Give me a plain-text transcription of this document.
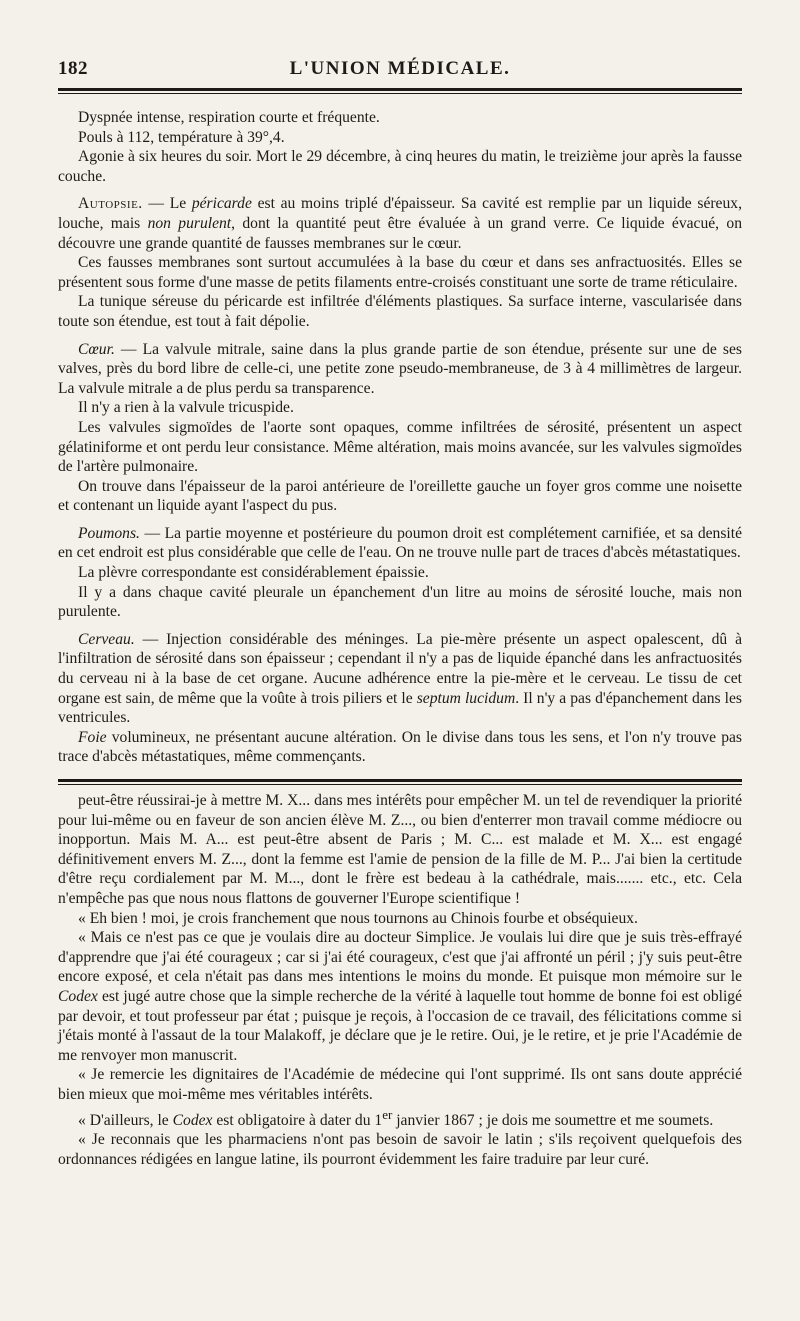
182	L'UNION MÉDICALE.

Dyspnée intense, respiration courte et fréquente.

Pouls à 112, température à 39°,4.

Agonie à six heures du soir. Mort le 29 décembre, à cinq heures du matin, le treizième jour après la fausse couche.

Autopsie. — Le péricarde est au moins triplé d'épaisseur. Sa cavité est remplie par un liquide séreux, louche, mais non purulent, dont la quantité peut être évaluée à un grand verre. Ce liquide évacué, on découvre une grande quantité de fausses membranes sur le cœur.

Ces fausses membranes sont surtout accumulées à la base du cœur et dans ses anfractuosités. Elles se présentent sous forme d'une masse de petits filaments entre-croisés constituant une sorte de trame réticulaire.

La tunique séreuse du péricarde est infiltrée d'éléments plastiques. Sa surface interne, vascularisée dans toute son étendue, est tout à fait dépolie.

Cœur. — La valvule mitrale, saine dans la plus grande partie de son étendue, présente sur une de ses valves, près du bord libre de celle-ci, une petite zone pseudo-membraneuse, de 3 à 4 millimètres de largeur. La valvule mitrale a de plus perdu sa transparence.

Il n'y a rien à la valvule tricuspide.

Les valvules sigmoïdes de l'aorte sont opaques, comme infiltrées de sérosité, présentent un aspect gélatiniforme et ont perdu leur consistance. Même altération, mais moins avancée, sur les valvules sigmoïdes de l'artère pulmonaire.

On trouve dans l'épaisseur de la paroi antérieure de l'oreillette gauche un foyer gros comme une noisette et contenant un liquide ayant l'aspect du pus.

Poumons. — La partie moyenne et postérieure du poumon droit est complétement carnifiée, et sa densité en cet endroit est plus considérable que celle de l'eau. On ne trouve nulle part de traces d'abcès métastatiques.

La plèvre correspondante est considérablement épaissie.

Il y a dans chaque cavité pleurale un épanchement d'un litre au moins de sérosité louche, mais non purulente.

Cerveau. — Injection considérable des méninges. La pie-mère présente un aspect opalescent, dû à l'infiltration de sérosité dans son épaisseur ; cependant il n'y a pas de liquide épanché dans les anfractuosités du cerveau ni à la base de cet organe. Aucune adhérence entre la pie-mère et le cerveau. Le tissu de cet organe est sain, de même que la voûte à trois piliers et le septum lucidum. Il n'y a pas d'épanchement dans les ventricules.

Foie volumineux, ne présentant aucune altération. On le divise dans tous les sens, et l'on n'y trouve pas trace d'abcès métastatiques, même commençants.

peut-être réussirai-je à mettre M. X... dans mes intérêts pour empêcher M. un tel de revendiquer la priorité pour lui-même ou en faveur de son ancien élève M. Z..., ou bien d'enterrer mon travail comme médiocre ou inopportun. Mais M. A... est peut-être absent de Paris ; M. C... est malade et M. X... est engagé définitivement envers M. Z..., dont la femme est l'amie de pension de la fille de M. P... J'ai bien la certitude d'être reçu cordialement par M. M..., dont le frère est bedeau à la cathédrale, mais....... etc., etc. Cela n'empêche pas que nous nous flattons de gouverner l'Europe scientifique !

« Eh bien ! moi, je crois franchement que nous tournons au Chinois fourbe et obséquieux.

« Mais ce n'est pas ce que je voulais dire au docteur Simplice. Je voulais lui dire que je suis très-effrayé d'apprendre que j'ai été courageux ; car si j'ai été courageux, c'est que j'ai affronté un péril ; j'y suis peut-être encore exposé, et cela n'était pas dans mes intentions le moins du monde. Et puisque mon mémoire sur le Codex est jugé autre chose que la simple recherche de la vérité à laquelle tout homme de bonne foi est obligé par devoir, et tout professeur par état ; puisque je reçois, à l'occasion de ce travail, des félicitations comme si j'étais monté à l'assaut de la tour Malakoff, je déclare que je le retire. Oui, je le retire, et je prie l'Académie de me renvoyer mon manuscrit.

« Je remercie les dignitaires de l'Académie de médecine qui l'ont supprimé. Ils ont sans doute apprécié bien mieux que moi-même mes véritables intérêts.

« D'ailleurs, le Codex est obligatoire à dater du 1er janvier 1867 ; je dois me soumettre et me soumets.

« Je reconnais que les pharmaciens n'ont pas besoin de savoir le latin ; s'ils reçoivent quelquefois des ordonnances rédigées en langue latine, ils pourront évidemment les faire traduire par leur curé.
